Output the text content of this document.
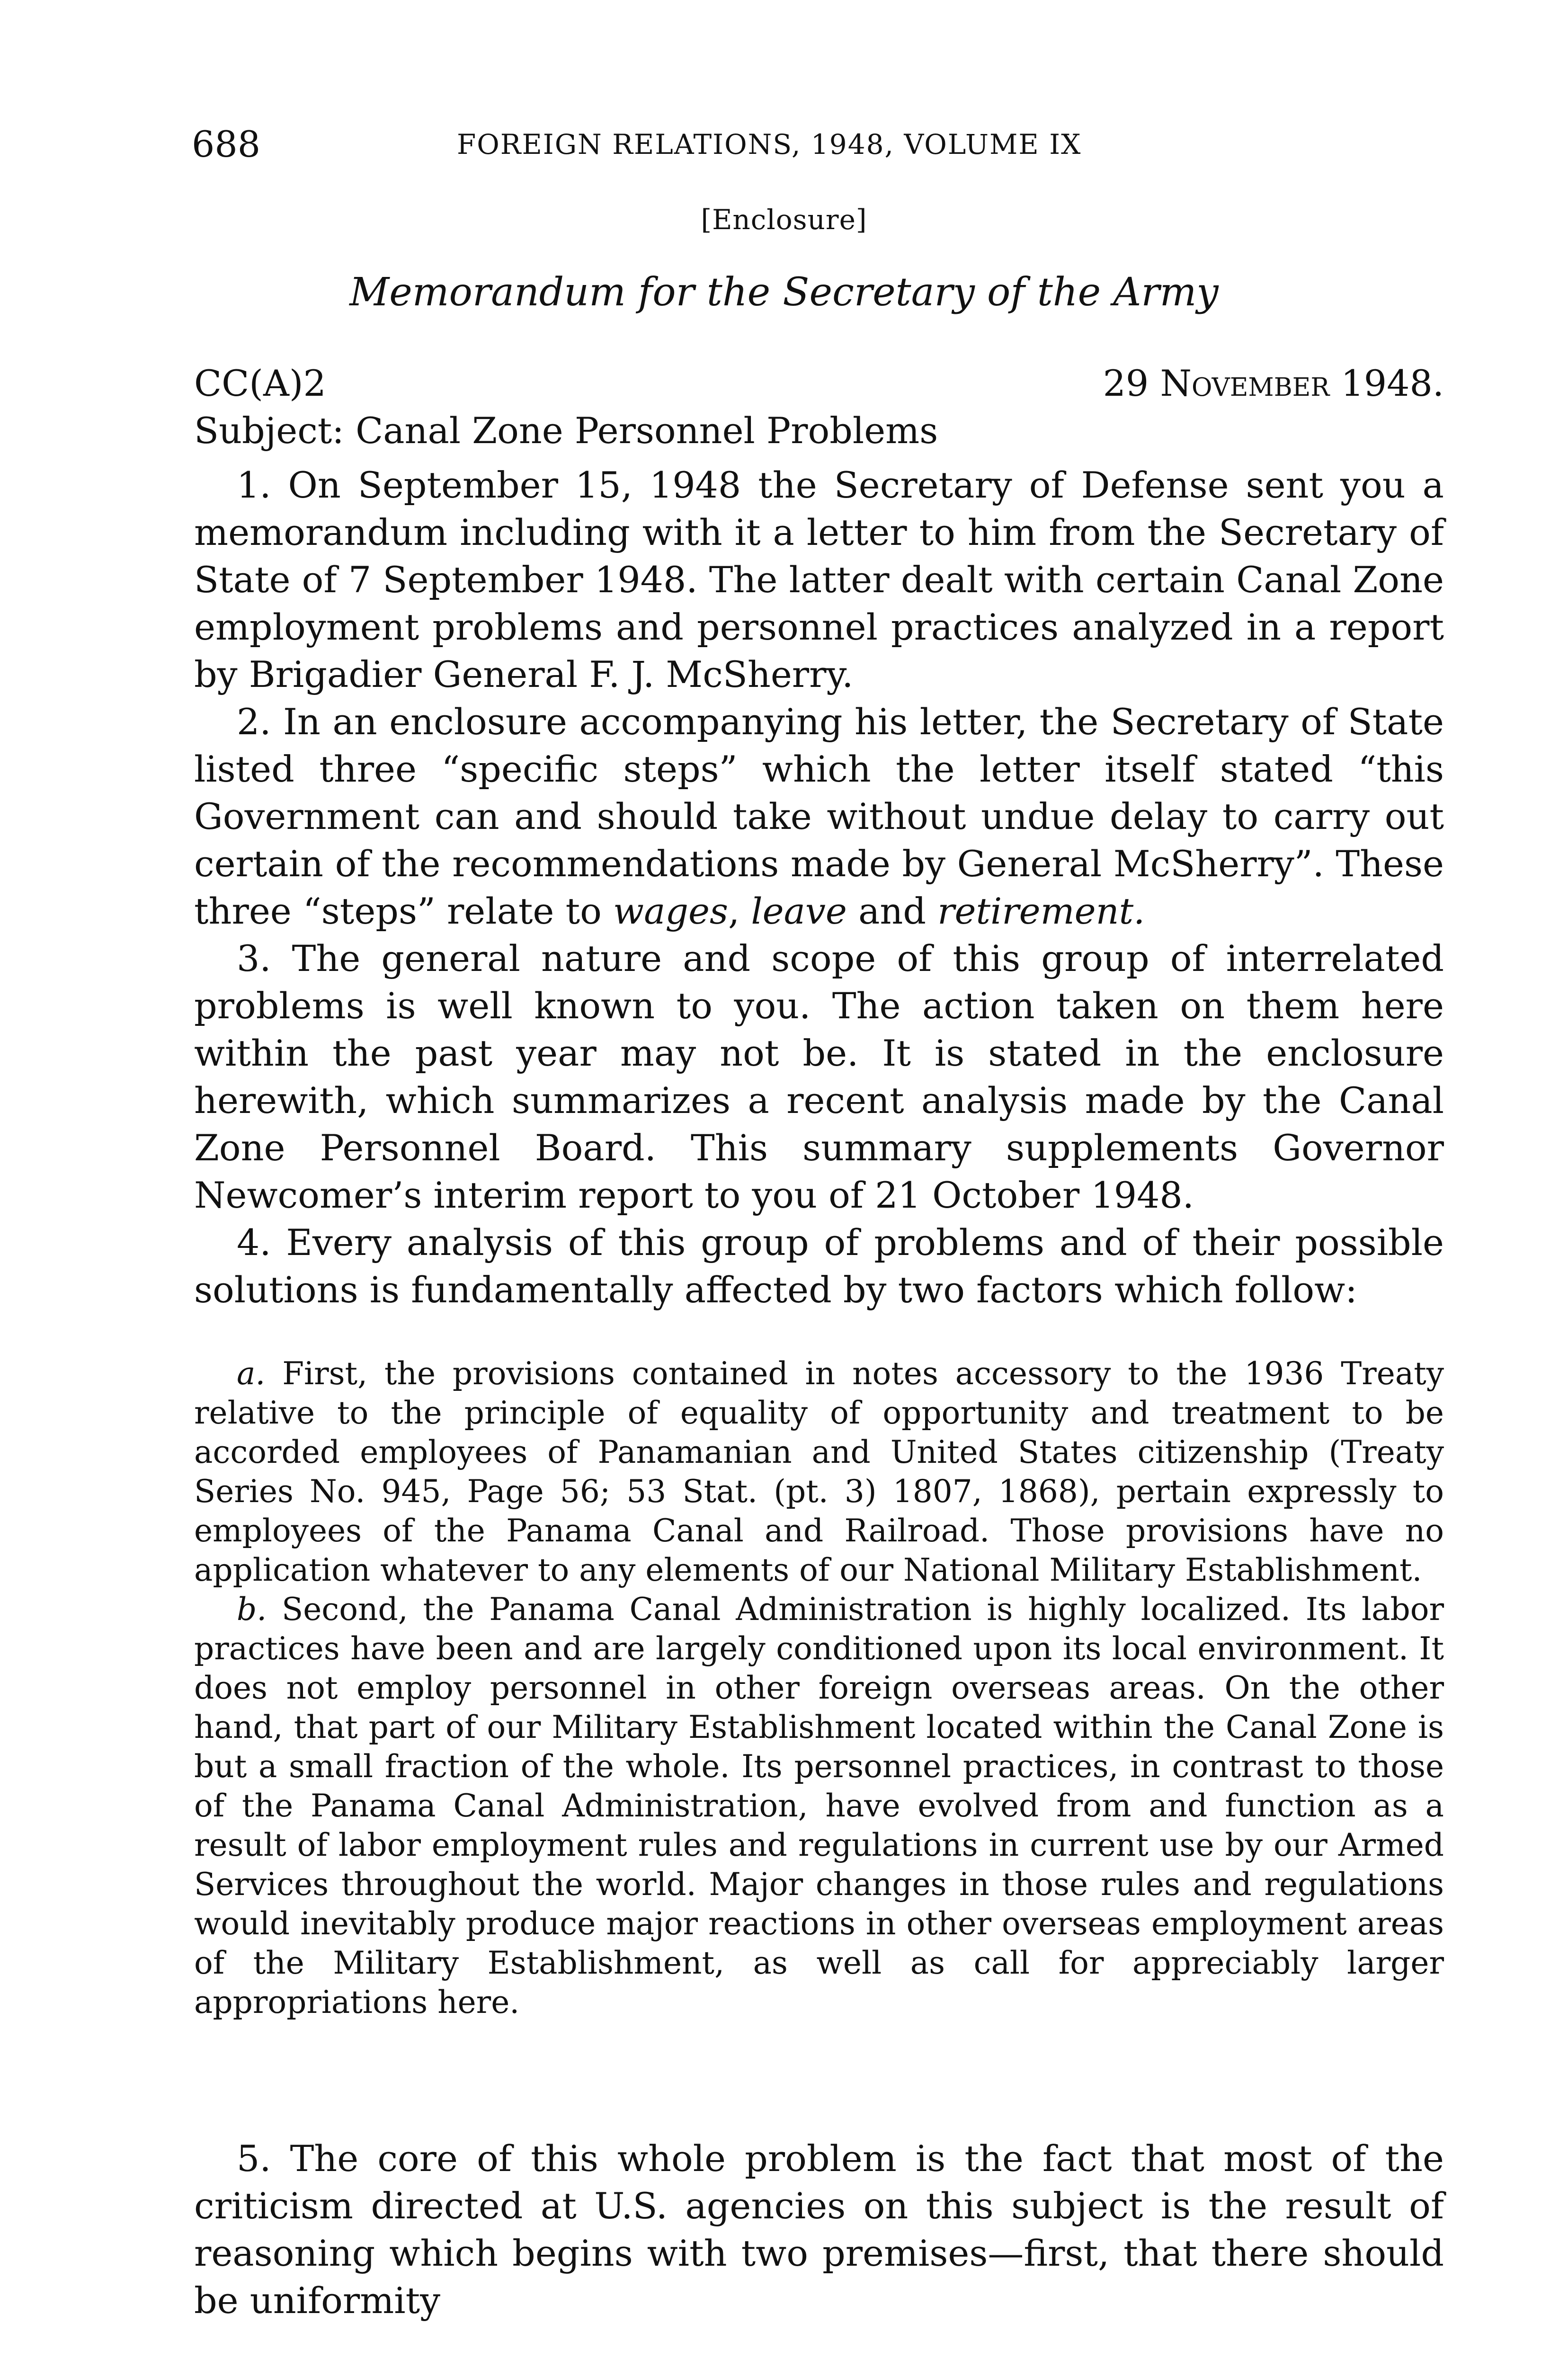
688	FOREIGN RELATIONS, 1948, VOLUME IX
[Enclosure]
Memorandum for the Secretary of the Army
CC(A)2	29 November 1948.
Subject: Canal Zone Personnel Problems

1. On September 15, 1948 the Secretary of Defense sent you a memorandum including with it a letter to him from the Secretary of State of 7 September 1948. The latter dealt with certain Canal Zone employment problems and personnel practices analyzed in a report by Brigadier General F. J. McSherry.

2. In an enclosure accompanying his letter, the Secretary of State listed three “specific steps” which the letter itself stated “this Government can and should take without undue delay to carry out certain of the recommendations made by General McSherry”. These three “steps” relate to wages, leave and retirement.

3. The general nature and scope of this group of interrelated problems is well known to you. The action taken on them here within the past year may not be. It is stated in the enclosure herewith, which summarizes a recent analysis made by the Canal Zone Personnel Board. This summary supplements Governor Newcomer’s interim report to you of 21 October 1948.

4. Every analysis of this group of problems and of their possible solutions is fundamentally affected by two factors which follow:

a. First, the provisions contained in notes accessory to the 1936 Treaty relative to the principle of equality of opportunity and treatment to be accorded employees of Panamanian and United States citizenship (Treaty Series No. 945, Page 56; 53 Stat. (pt. 3) 1807, 1868), pertain expressly to employees of the Panama Canal and Railroad. Those provisions have no application whatever to any elements of our National Military Establishment.

b. Second, the Panama Canal Administration is highly localized. Its labor practices have been and are largely conditioned upon its local environment. It does not employ personnel in other foreign overseas areas. On the other hand, that part of our Military Establishment located within the Canal Zone is but a small fraction of the whole. Its personnel practices, in contrast to those of the Panama Canal Administration, have evolved from and function as a result of labor employment rules and regulations in current use by our Armed Services throughout the world. Major changes in those rules and regulations would inevitably produce major reactions in other overseas employment areas of the Military Establishment, as well as call for appreciably larger appropriations here.

5. The core of this whole problem is the fact that most of the criticism directed at U.S. agencies on this subject is the result of reasoning which begins with two premises—first, that there should be uniformity
